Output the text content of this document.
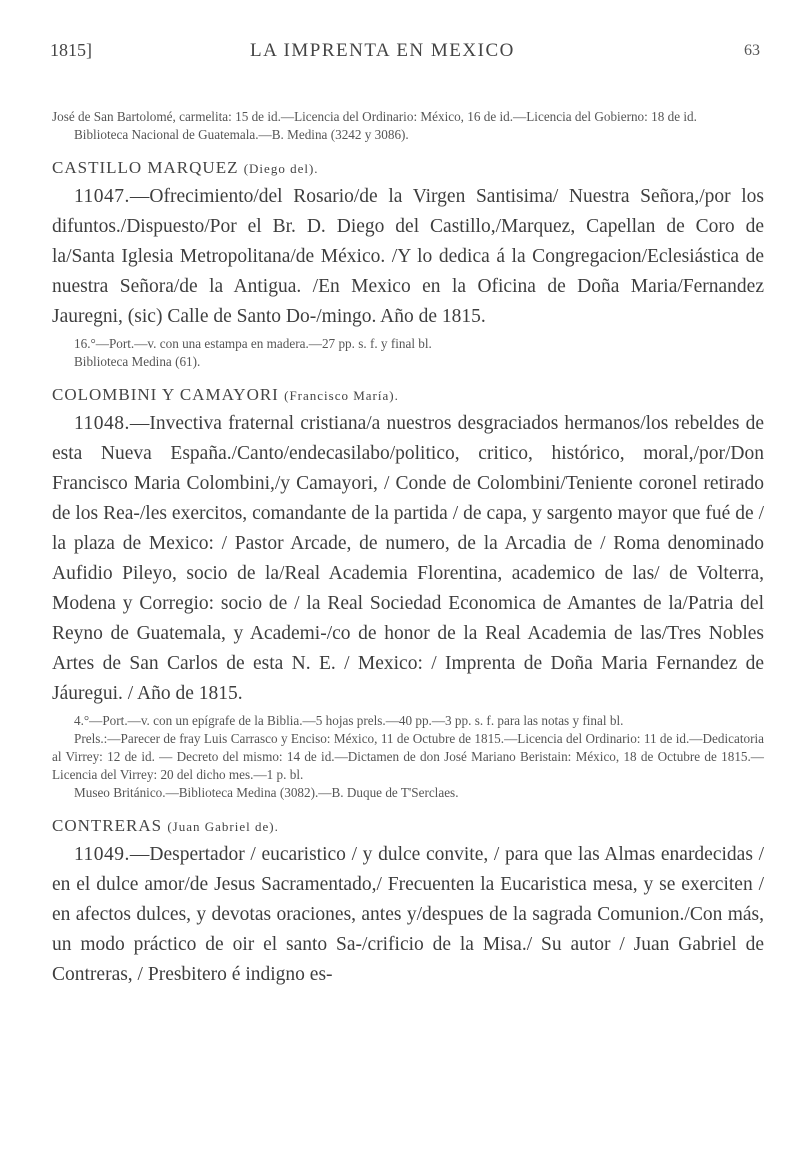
1815]	LA IMPRENTA EN MEXICO	63

José de San Bartolomé, carmelita: 15 de id.—Licencia del Ordinario: México, 16 de id.—Licencia del Gobierno: 18 de id.

Biblioteca Nacional de Guatemala.—B. Medina (3242 y 3086).

CASTILLO MARQUEZ (Diego del).

11047.—Ofrecimiento/del Rosario/de la Virgen Santisima/ Nuestra Señora,/por los difuntos./Dispuesto/Por el Br. D. Diego del Castillo,/Marquez, Capellan de Coro de la/Santa Iglesia Metropolitana/de México. /Y lo dedica á la Congregacion/Eclesiástica de nuestra Señora/de la Antigua. /En Mexico en la Oficina de Doña Maria/Fernandez Jauregni, (sic) Calle de Santo Do-/mingo. Año de 1815.

16.°—Port.—v. con una estampa en madera.—27 pp. s. f. y final bl.

Biblioteca Medina (61).

COLOMBINI Y CAMAYORI (Francisco María).

11048.—Invectiva fraternal cristiana/a nuestros desgraciados hermanos/los rebeldes de esta Nueva España./Canto/endecasilabo/politico, critico, histórico, moral,/por/Don Francisco Maria Colombini,/y Camayori, / Conde de Colombini/Teniente coronel retirado de los Rea-/les exercitos, comandante de la partida / de capa, y sargento mayor que fué de / la plaza de Mexico: / Pastor Arcade, de numero, de la Arcadia de / Roma denominado Aufidio Pileyo, socio de la/Real Academia Florentina, academico de las/ de Volterra, Modena y Corregio: socio de / la Real Sociedad Economica de Amantes de la/Patria del Reyno de Guatemala, y Academi-/co de honor de la Real Academia de las/Tres Nobles Artes de San Carlos de esta N. E. / Mexico: / Imprenta de Doña Maria Fernandez de Jáuregui. / Año de 1815.

4.°—Port.—v. con un epígrafe de la Biblia.—5 hojas prels.—40 pp.—3 pp. s. f. para las notas y final bl.

Prels.:—Parecer de fray Luis Carrasco y Enciso: México, 11 de Octubre de 1815.—Licencia del Ordinario: 11 de id.—Dedicatoria al Virrey: 12 de id. — Decreto del mismo: 14 de id.—Dictamen de don José Mariano Beristain: México, 18 de Octubre de 1815.—Licencia del Virrey: 20 del dicho mes.—1 p. bl.

Museo Británico.—Biblioteca Medina (3082).—B. Duque de T'Serclaes.

CONTRERAS (Juan Gabriel de).

11049.—Despertador / eucaristico / y dulce convite, / para que las Almas enardecidas / en el dulce amor/de Jesus Sacramentado,/ Frecuenten la Eucaristica mesa, y se exerciten / en afectos dulces, y devotas oraciones, antes y/despues de la sagrada Comunion./Con más, un modo práctico de oir el santo Sa-/crificio de la Misa./ Su autor / Juan Gabriel de Contreras, / Presbitero é indigno es-
